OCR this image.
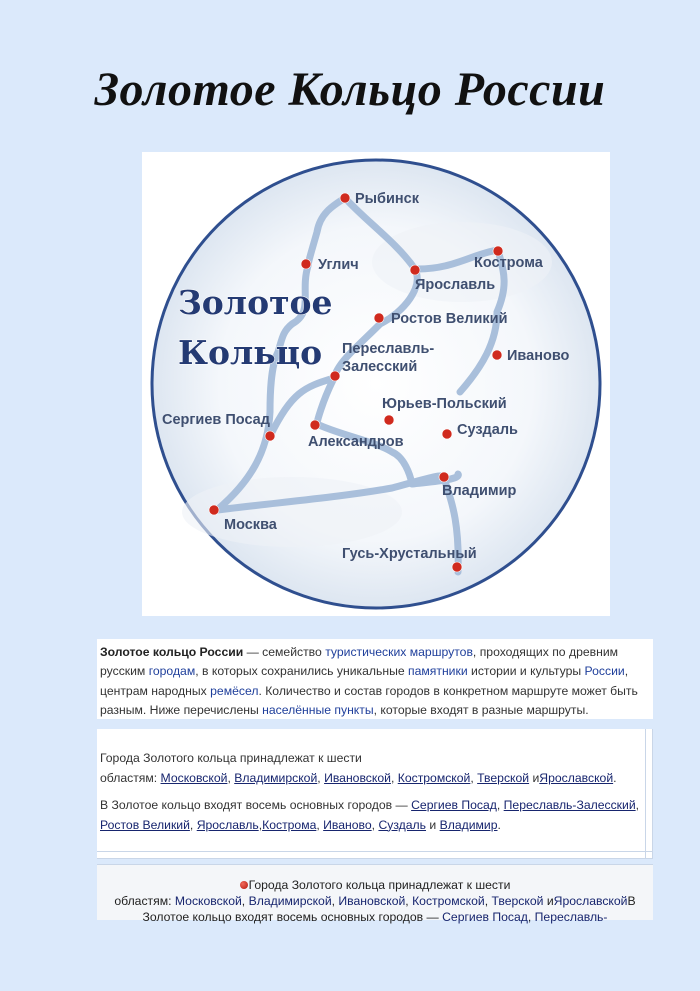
Золотое Кольцо России
Золотое
Кольцо
Рыбинск
Углич	Кострома
Ярославль
Ростов Великий
Переславль-
Залесский
Иваново
Юрьев-Польский
Сергиев Посад
Суздаль
Александров
Владимир
Москва
Гусь-Хрустальный
Золотое кольцо России — семейство туристических маршрутов, проходящих по древним русским городам, в которых сохранились уникальные памятники истории и культуры России, центрам народных ремёсел. Количество и состав городов в конкретном маршруте может быть разным. Ниже перечислены населённые пункты, которые входят в разные маршруты.
Города Золотого кольца принадлежат к шести

областям: Московской, Владимирской, Ивановской, Костромской, Тверской иЯрославской.

В Золотое кольцо входят восемь основных городов — Сергиев Посад, Переславль-Залесский, Ростов Великий, Ярославль,Кострома, Иваново, Суздаль и Владимир.

Города Золотого кольца принадлежат к шести
областям: Московской, Владимирской, Ивановской, Костромской, Тверской иЯрославскойВ
Золотое кольцо входят восемь основных городов — Сергиев Посад, Переславль-
